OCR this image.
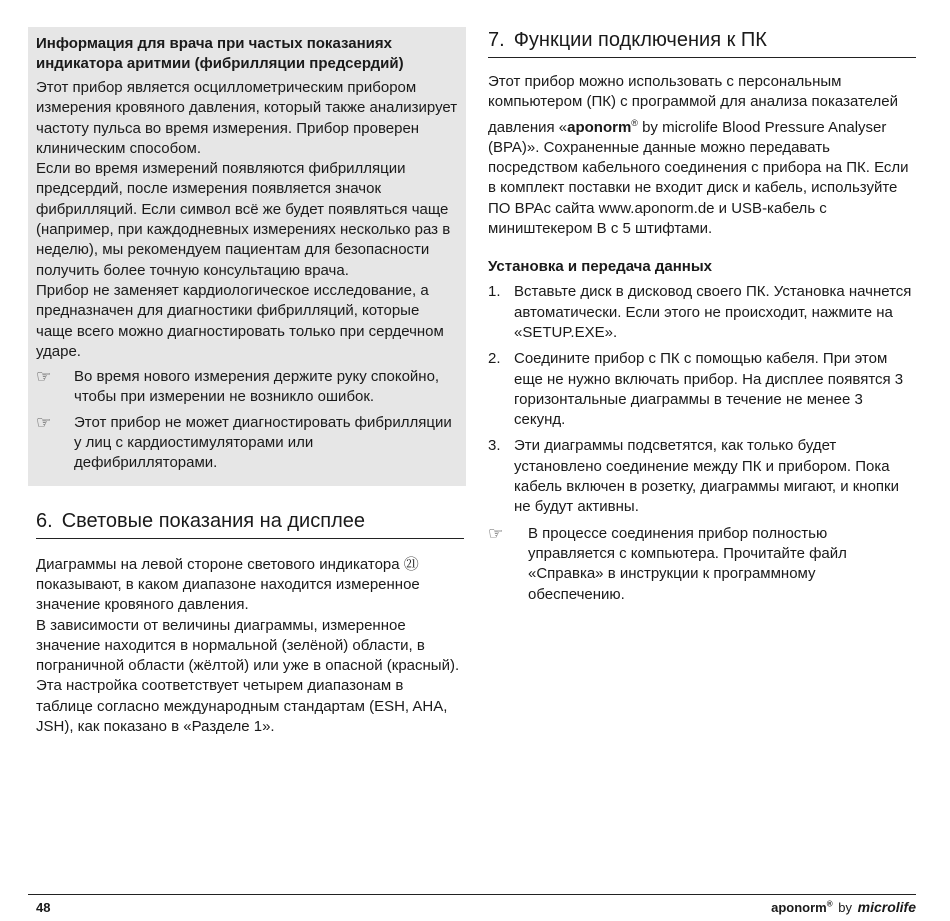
Информация для врача при частых показаниях индикатора аритмии (фибрилляции предсердий)

Этот прибор является осциллометрическим прибором измерения кровяного давления, который также анализирует частоту пульса во время измерения. Прибор проверен клиническим способом.

Если во время измерений появляются фибрилляции предсердий, после измерения появляется значок фибрилляций. Если символ всё же будет появляться чаще (например, при каждодневных измерениях несколько раз в неделю), мы рекомендуем пациентам для безопасности получить более точную консультацию врача.

Прибор не заменяет кардиологическое исследование, а предназначен для диагностики фибрилляций, которые чаще всего можно диагностировать только при сердечном ударе.

☞	Во время нового измерения держите руку спокойно, чтобы при измерении не возникло ошибок.
☞	Этот прибор не может диагностировать фибрилляции у лиц с кардиостимуляторами или дефибрилляторами.
6. Световые показания на дисплее

Диаграммы на левой стороне светового индикатора ㉑ показывают, в каком диапазоне находится измеренное значение кровяного давления.

В зависимости от величины диаграммы, измеренное значение находится в нормальной (зелёной) области, в пограничной области (жёлтой) или уже в опасной (красный). Эта настройка соответствует четырем диапазонам в таблице согласно международным стандартам (ESH, AHA, JSH), как показано в «Разделе 1».

7. Функции подключения к ПК

Этот прибор можно использовать с персональным компьютером (ПК) с программой для анализа показателей давления «aponorm® by microlife Blood Pressure Analyser (BPA)». Сохраненные данные можно передавать посредством кабельного соединения с прибора на ПК. Если в комплект поставки не входит диск и кабель, используйте ПО BPAc сайта www.aponorm.de и USB-кабель с миништекером B с 5 штифтами.

Установка и передача данных
1. Вставьте диск в дисковод своего ПК. Установка начнется автоматически. Если этого не происходит, нажмите на «SETUP.EXE».
2. Соедините прибор с ПК с помощью кабеля. При этом еще не нужно включать прибор. На дисплее появятся 3 горизонтальные диаграммы в течение не менее 3 секунд.
3. Эти диаграммы подсветятся, как только будет установлено соединение между ПК и прибором. Пока кабель включен в розетку, диаграммы мигают, и кнопки не будут активны.
☞	В процессе соединения прибор полностью управляется с компьютера. Прочитайте файл «Справка» в инструкции к программному обеспечению.
48	aponorm® by microlife
